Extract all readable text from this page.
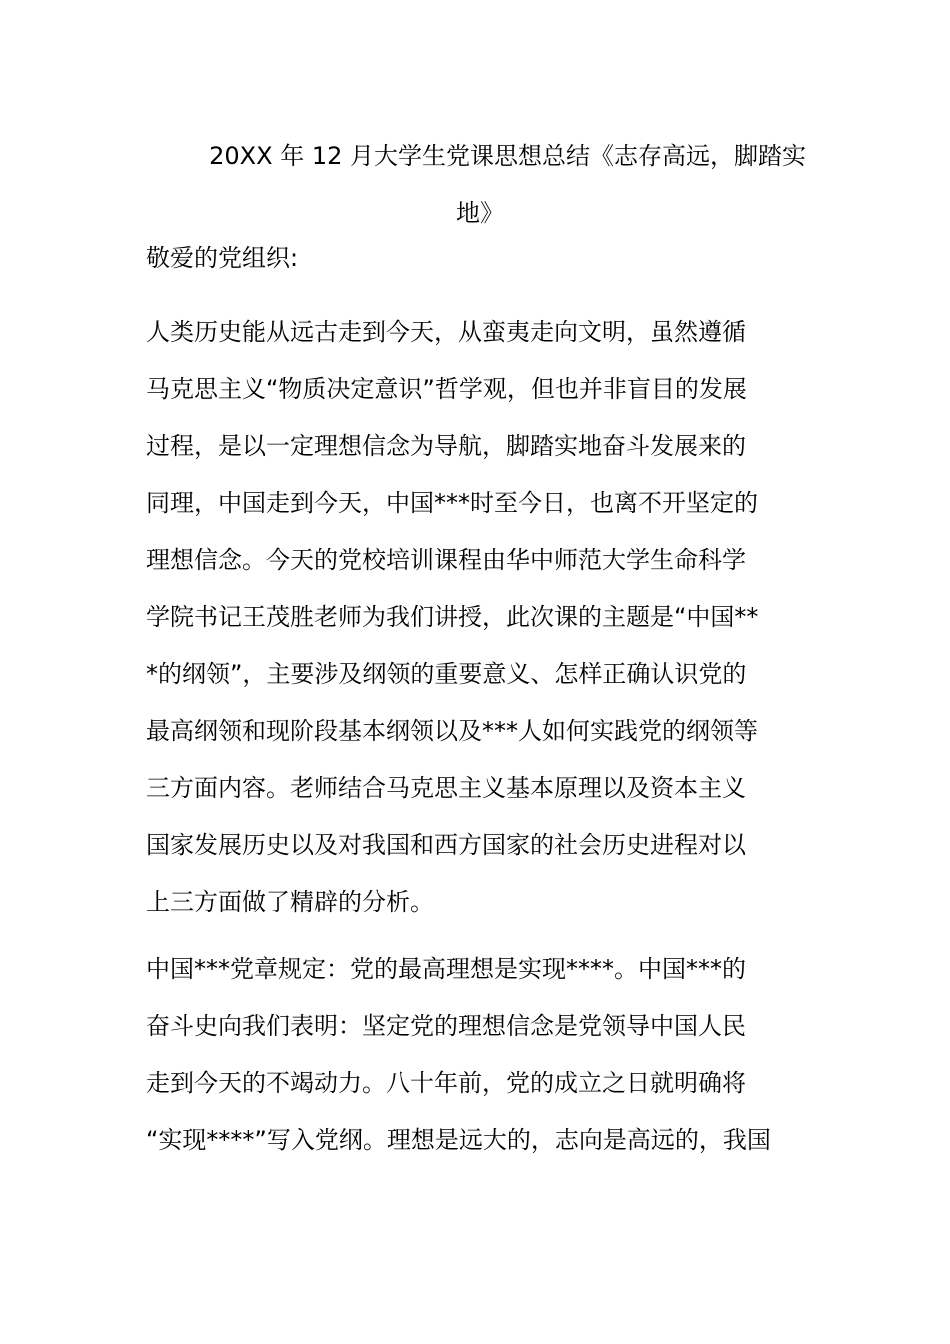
20XX 年 12 月大学生党课思想总结《志存高远，脚踏实
地》

敬爱的党组织:

人类历史能从远古走到今天，从蛮夷走向文明，虽然遵循
马克思主义“物质决定意识”哲学观，但也并非盲目的发展
过程，是以一定理想信念为导航，脚踏实地奋斗发展来的
同理，中国走到今天，中国***时至今日，也离不开坚定的
理想信念。今天的党校培训课程由华中师范大学生命科学
学院书记王茂胜老师为我们讲授，此次课的主题是“中国**
*的纲领”，主要涉及纲领的重要意义、怎样正确认识党的
最高纲领和现阶段基本纲领以及***人如何实践党的纲领等
三方面内容。老师结合马克思主义基本原理以及资本主义
国家发展历史以及对我国和西方国家的社会历史进程对以
上三方面做了精辟的分析。

中国***党章规定：党的最高理想是实现****。中国***的
奋斗史向我们表明：坚定党的理想信念是党领导中国人民
走到今天的不竭动力。八十年前，党的成立之日就明确将
“实现****”写入党纲。理想是远大的，志向是高远的，我国
